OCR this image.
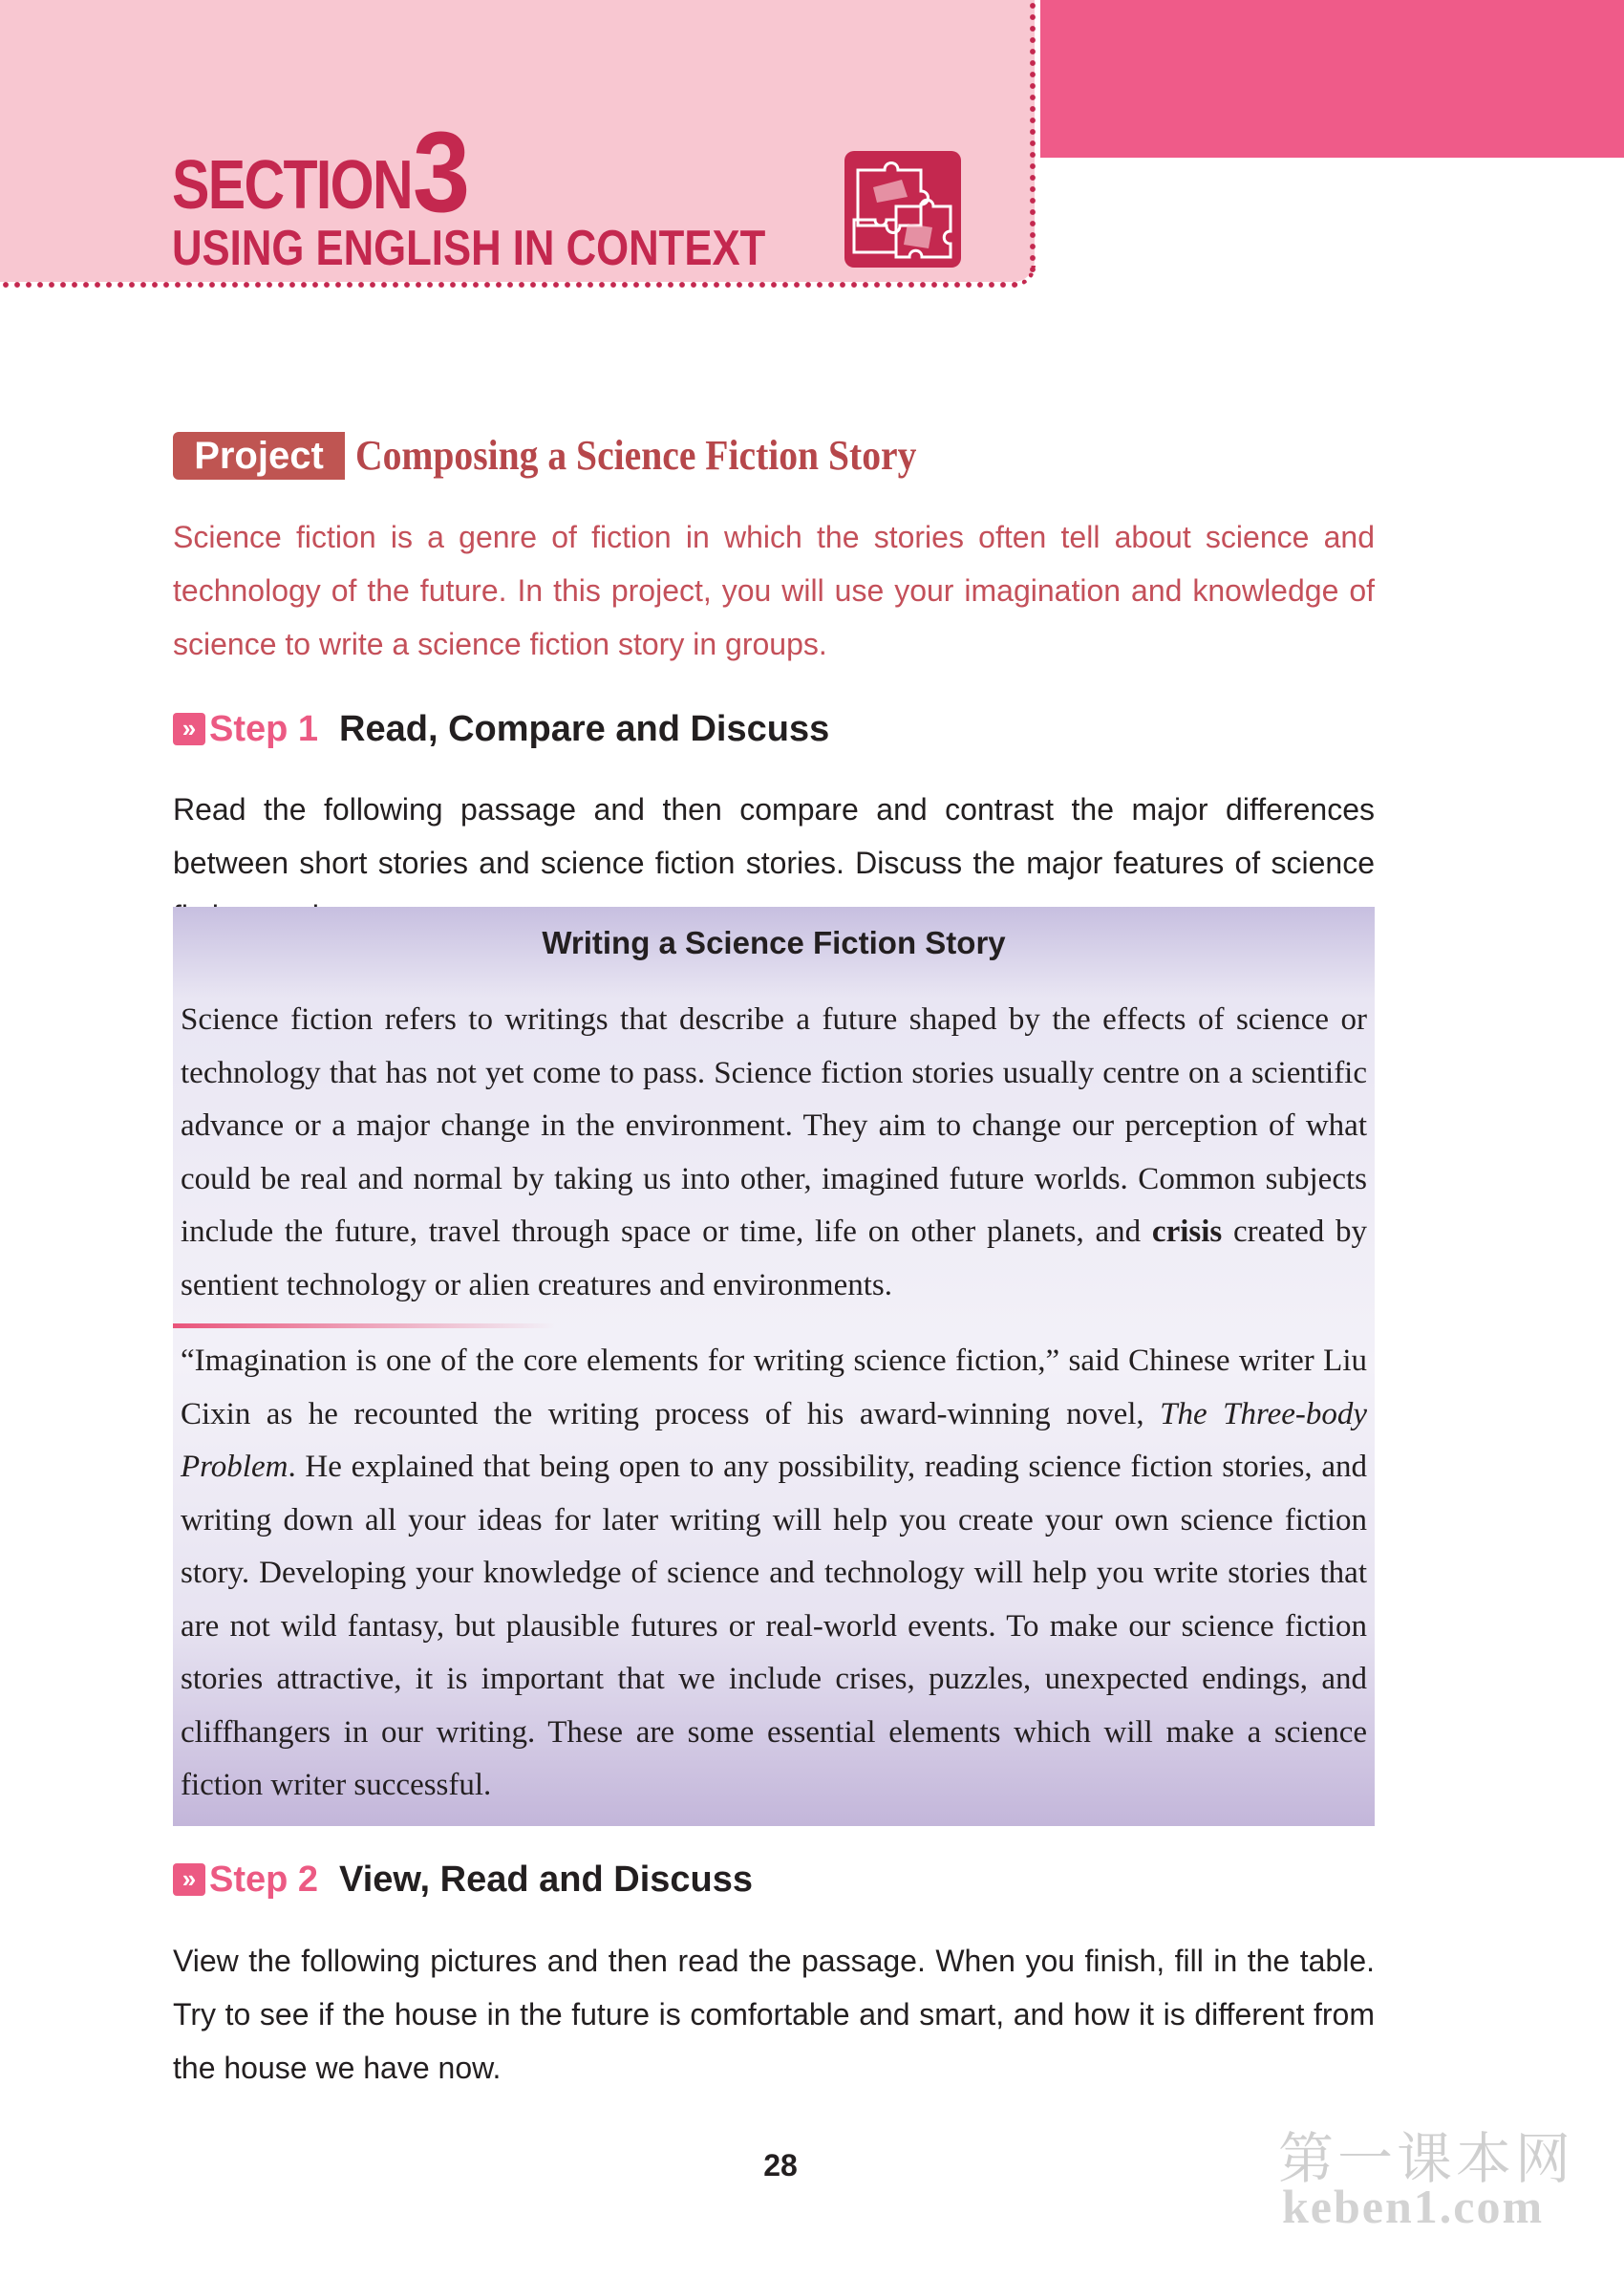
SECTION 3
USING ENGLISH IN CONTEXT
Project Composing a Science Fiction Story
Science fiction is a genre of fiction in which the stories often tell about science and technology of the future. In this project, you will use your imagination and knowledge of science to write a science fiction story in groups.
» Step 1 Read, Compare and Discuss
Read the following passage and then compare and contrast the major differences between short stories and science fiction stories. Discuss the major features of science
Writing a Science Fiction Story
Science fiction refers to writings that describe a future shaped by the effects of science or technology that has not yet come to pass. Science fiction stories usually centre on a scientific advance or a major change in the environment. They aim to change our perception of what could be real and normal by taking us into other, imagined future worlds. Common subjects include the future, travel through space or time, life on other planets, and crisis created by sentient technology or alien creatures and environments.
“Imagination is one of the core elements for writing science fiction,” said Chinese writer Liu Cixin as he recounted the writing process of his award-winning novel, The Three-body Problem. He explained that being open to any possibility, reading science fiction stories, and writing down all your ideas for later writing will help you create your own science fiction story. Developing your knowledge of science and technology will help you write stories that are not wild fantasy, but plausible futures or real-world events. To make our science fiction stories attractive, it is important that we include crises, puzzles, unexpected endings, and cliffhangers in our writing. These are some essential elements which will make a science fiction writer successful.
» Step 2 View, Read and Discuss
View the following pictures and then read the passage. When you finish, fill in the table. Try to see if the house in the future is comfortable and smart, and how it is different from the house we have now.
28	第一课本网
keben1.com
